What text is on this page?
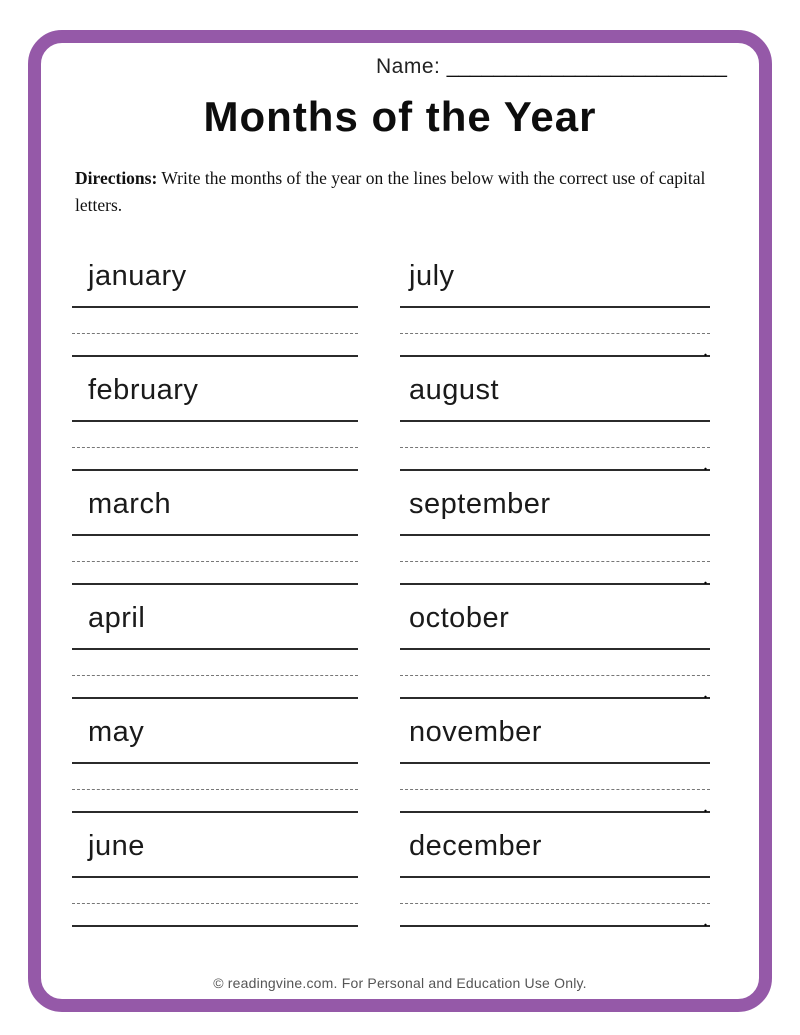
Name: ________________________
Months of the Year
Directions: Write the months of the year on the lines below with the correct use of capital letters.
january	july
.
february	august
.
march	september
.
april	october
.
may	november
.
june	december
.
© readingvine.com. For Personal and Education Use Only.
